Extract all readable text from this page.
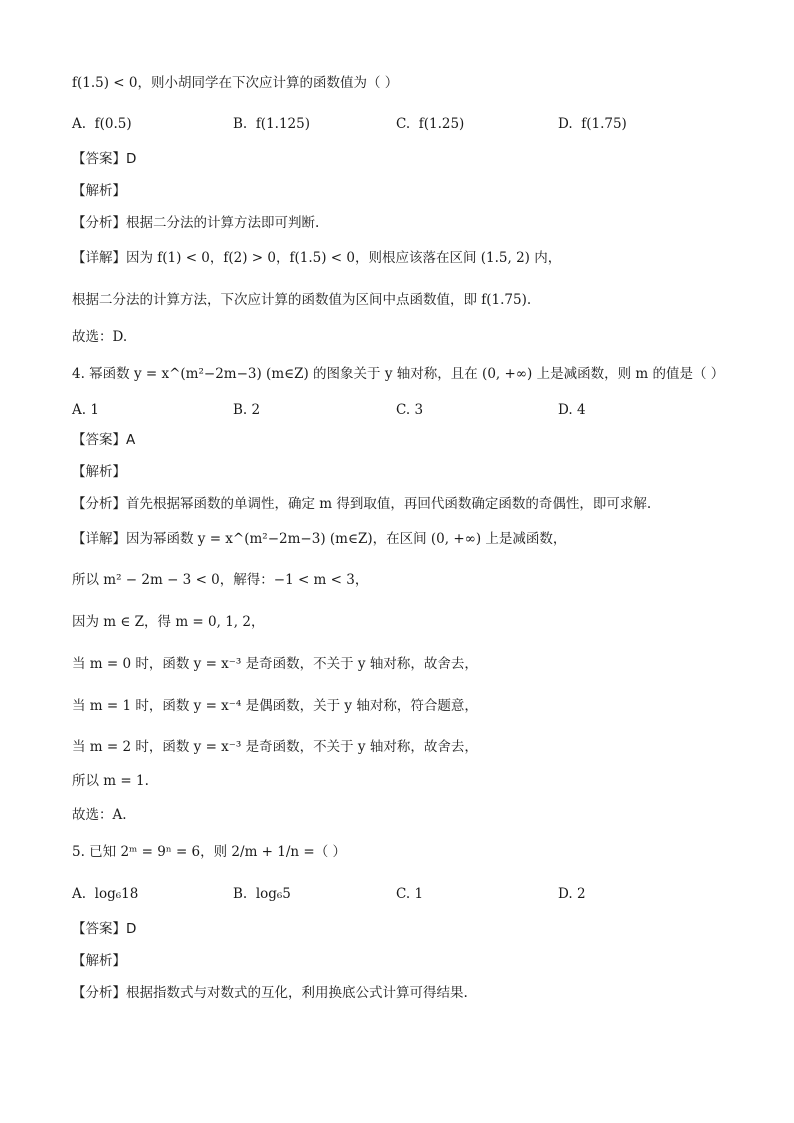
f(1.5) < 0，则小胡同学在下次应计算的函数值为（ ）
A. f(0.5)	B. f(1.125)	C. f(1.25)	D. f(1.75)
【答案】D
【解析】
【分析】根据二分法的计算方法即可判断.
【详解】因为 f(1) < 0，f(2) > 0，f(1.5) < 0，则根应该落在区间 (1.5, 2) 内，
根据二分法的计算方法，下次应计算的函数值为区间中点函数值，即 f(1.75).
故选：D.
4. 幂函数 y = x^(m²−2m−3) (m∈Z) 的图象关于 y 轴对称，且在 (0, +∞) 上是减函数，则 m 的值是（ ）
A. 1	B. 2	C. 3	D. 4
【答案】A
【解析】
【分析】首先根据幂函数的单调性，确定 m 得到取值，再回代函数确定函数的奇偶性，即可求解.
【详解】因为幂函数 y = x^(m²−2m−3) (m∈Z)，在区间 (0, +∞) 上是减函数，
所以 m² − 2m − 3 < 0，解得：−1 < m < 3，
因为 m ∈ Z，得 m = 0, 1, 2，
当 m = 0 时，函数 y = x⁻³ 是奇函数，不关于 y 轴对称，故舍去，
当 m = 1 时，函数 y = x⁻⁴ 是偶函数，关于 y 轴对称，符合题意，
当 m = 2 时，函数 y = x⁻³ 是奇函数，不关于 y 轴对称，故舍去，
所以 m = 1.
故选：A.
5. 已知 2ᵐ = 9ⁿ = 6，则 2/m + 1/n =（ ）
A. log₆18	B. log₆5	C. 1	D. 2
【答案】D
【解析】
【分析】根据指数式与对数式的互化，利用换底公式计算可得结果.
